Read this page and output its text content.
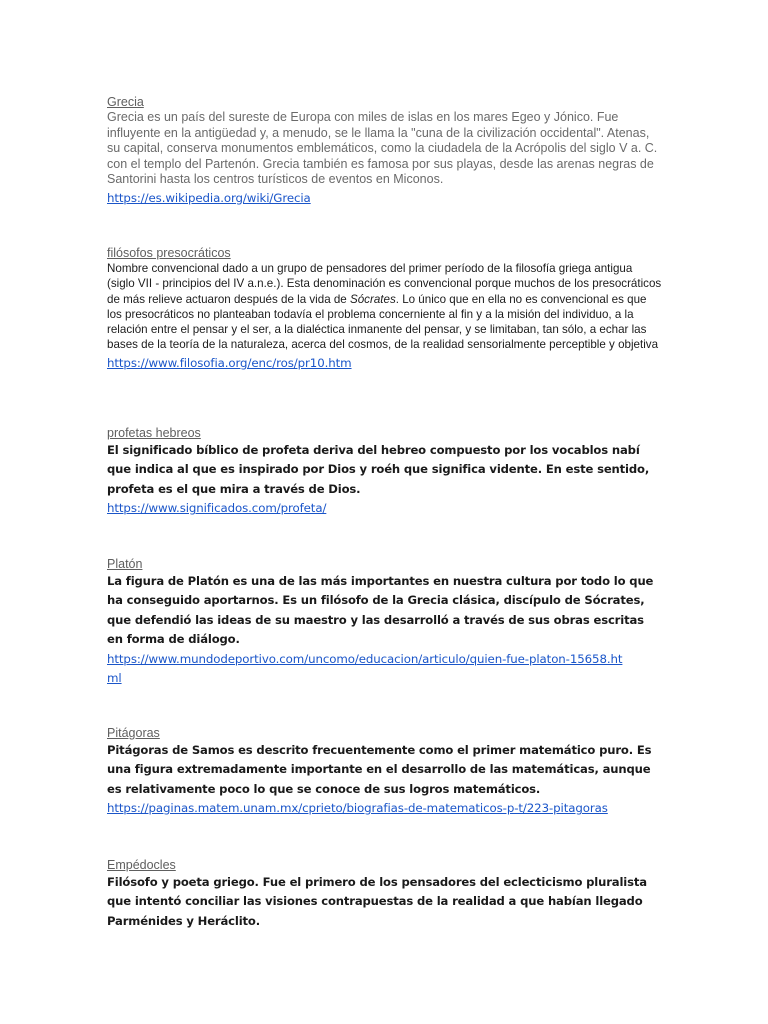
Grecia

Grecia es un país del sureste de Europa con miles de islas en los mares Egeo y Jónico. Fue influyente en la antigüedad y, a menudo, se le llama la "cuna de la civilización occidental". Atenas, su capital, conserva monumentos emblemáticos, como la ciudadela de la Acrópolis del siglo V a. C. con el templo del Partenón. Grecia también es famosa por sus playas, desde las arenas negras de Santorini hasta los centros turísticos de eventos en Miconos.

https://es.wikipedia.org/wiki/Grecia
filósofos presocráticos

Nombre convencional dado a un grupo de pensadores del primer período de la filosofía griega antigua (siglo VII - principios del IV a.n.e.). Esta denominación es convencional porque muchos de los presocráticos de más relieve actuaron después de la vida de Sócrates. Lo único que en ella no es convencional es que los presocráticos no planteaban todavía el problema concerniente al fin y a la misión del individuo, a la relación entre el pensar y el ser, a la dialéctica inmanente del pensar, y se limitaban, tan sólo, a echar las bases de la teoría de la naturaleza, acerca del cosmos, de la realidad sensorialmente perceptible y objetiva

https://www.filosofia.org/enc/ros/pr10.htm
profetas hebreos

El significado bíblico de profeta deriva del hebreo compuesto por los vocablos nabí que indica al que es inspirado por Dios y roéh que significa vidente. En este sentido, profeta es el que mira a través de Dios.

https://www.significados.com/profeta/
Platón

La figura de Platón es una de las más importantes en nuestra cultura por todo lo que ha conseguido aportarnos. Es un filósofo de la Grecia clásica, discípulo de Sócrates, que defendió las ideas de su maestro y las desarrolló a través de sus obras escritas en forma de diálogo.

https://www.mundodeportivo.com/uncomo/educacion/articulo/quien-fue-platon-15658.html
Pitágoras

Pitágoras de Samos es descrito frecuentemente como el primer matemático puro. Es una figura extremadamente importante en el desarrollo de las matemáticas, aunque es relativamente poco lo que se conoce de sus logros matemáticos.

https://paginas.matem.unam.mx/cprieto/biografias-de-matematicos-p-t/223-pitagoras
Empédocles

Filósofo y poeta griego. Fue el primero de los pensadores del eclecticismo pluralista que intentó conciliar las visiones contrapuestas de la realidad a que habían llegado Parménides y Heráclito.
